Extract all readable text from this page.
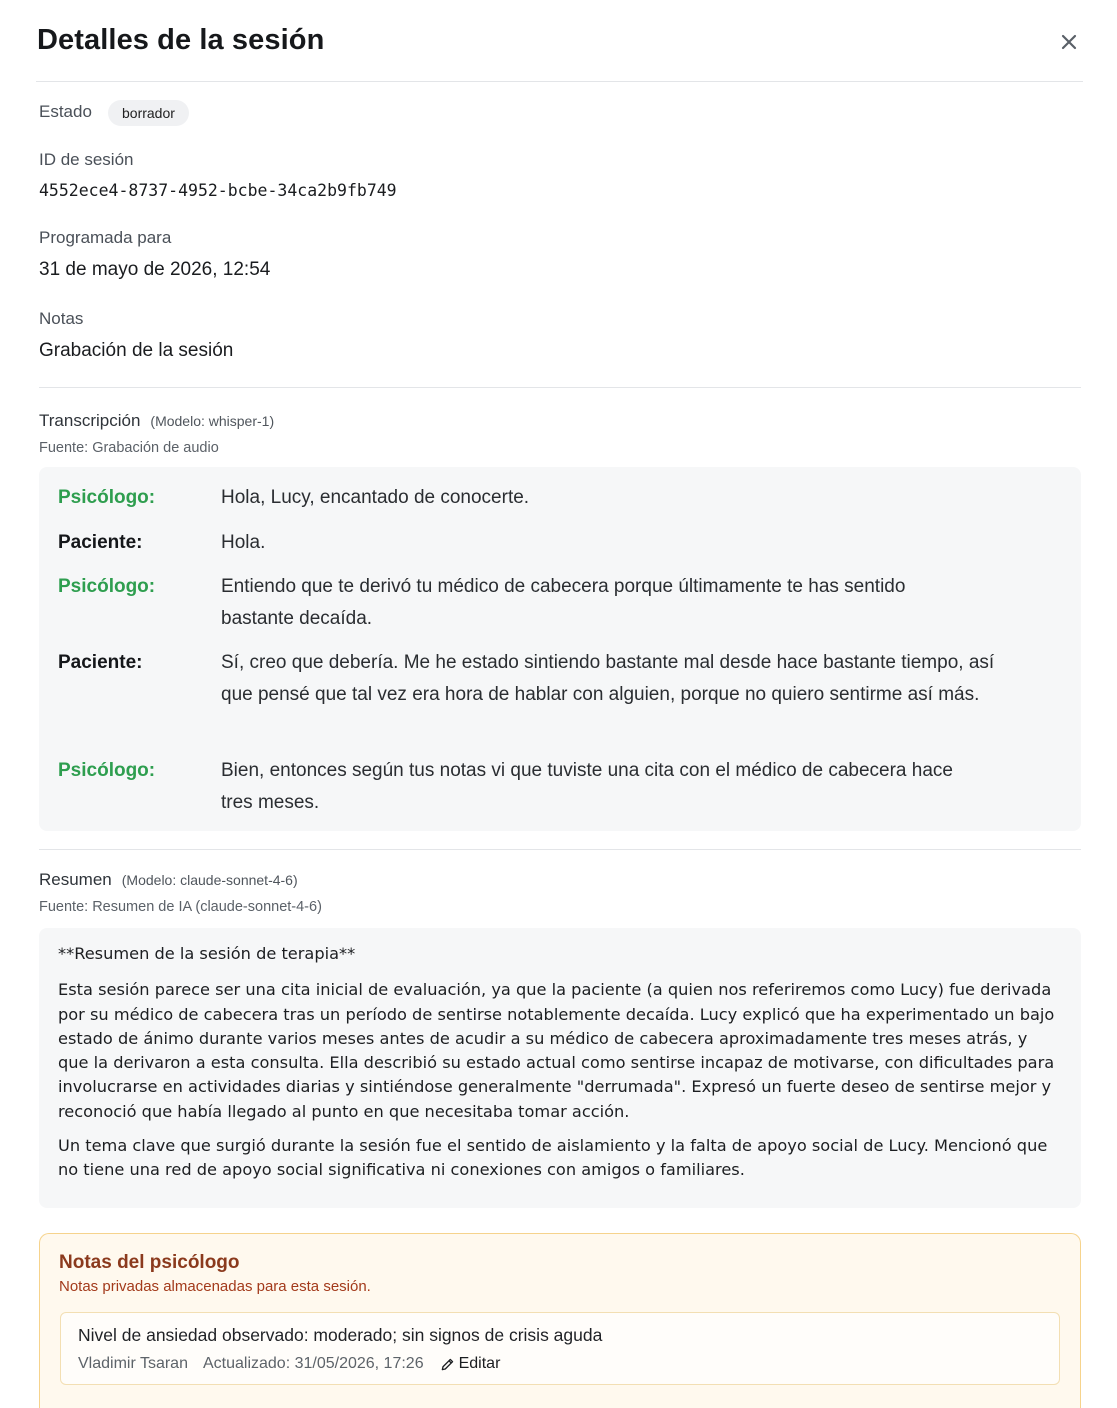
Detalles de la sesión
Estado	borrador
ID de sesión
4552ece4-8737-4952-bcbe-34ca2b9fb749
Programada para
31 de mayo de 2026, 12:54
Notas
Grabación de la sesión
Transcripción (Modelo: whisper-1)
Fuente: Grabación de audio
Psicólogo:	Hola, Lucy, encantado de conocerte.
Paciente:	Hola.
Psicólogo:	Entiendo que te derivó tu médico de cabecera porque últimamente te has sentido bastante decaída.
Paciente:	Sí, creo que debería. Me he estado sintiendo bastante mal desde hace bastante tiempo, así que pensé que tal vez era hora de hablar con alguien, porque no quiero sentirme así más.
Psicólogo:	Bien, entonces según tus notas vi que tuviste una cita con el médico de cabecera hace tres meses.
Resumen (Modelo: claude-sonnet-4-6)
Fuente: Resumen de IA (claude-sonnet-4-6)

**Resumen de la sesión de terapia**

Esta sesión parece ser una cita inicial de evaluación, ya que la paciente (a quien nos referiremos como Lucy) fue derivada por su médico de cabecera tras un período de sentirse notablemente decaída. Lucy explicó que ha experimentado un bajo estado de ánimo durante varios meses antes de acudir a su médico de cabecera aproximadamente tres meses atrás, y que la derivaron a esta consulta. Ella describió su estado actual como sentirse incapaz de motivarse, con dificultades para involucrarse en actividades diarias y sintiéndose generalmente "derrumada". Expresó un fuerte deseo de sentirse mejor y reconoció que había llegado al punto en que necesitaba tomar acción.

Un tema clave que surgió durante la sesión fue el sentido de aislamiento y la falta de apoyo social de Lucy. Mencionó que no tiene una red de apoyo social significativa ni conexiones con amigos o familiares.

Notas del psicólogo
Notas privadas almacenadas para esta sesión.
Nivel de ansiedad observado: moderado; sin signos de crisis aguda
Vladimir Tsaran Actualizado: 31/05/2026, 17:26 Editar
